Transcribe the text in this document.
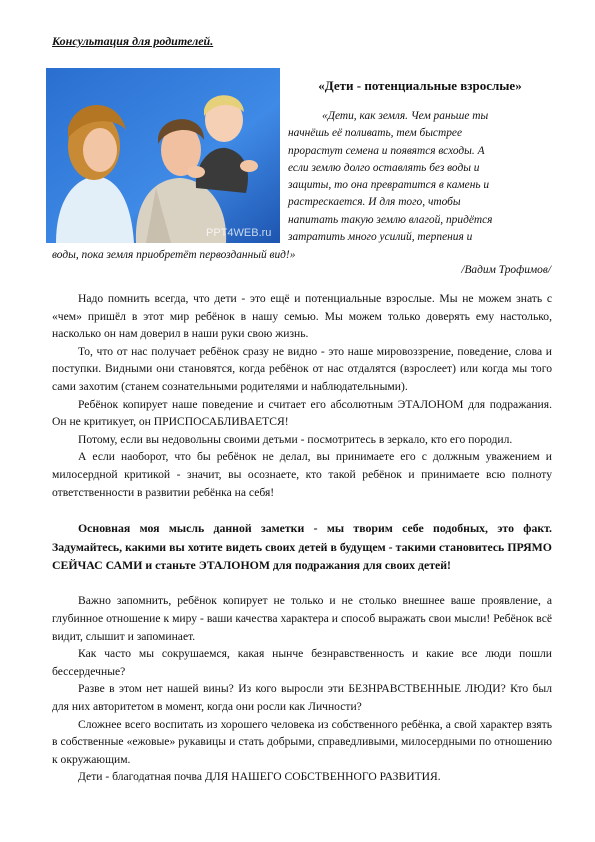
Консультация для родителей.
PPT4WEB.ru
«Дети - потенциальные взрослые»
«Дети, как земля. Чем раньше ты
начнёшь её поливать, тем быстрее
прорастут семена и появятся всходы. А
если землю долго оставлять без воды и
защиты, то она превратится в камень и
растрескается. И для того, чтобы
напитать такую землю влагой, придётся
затратить много усилий, терпения и
воды, пока земля приобретёт первозданный вид!»
/Вадим Трофимов/

Надо помнить всегда, что дети - это ещё и потенциальные взрослые. Мы не можем знать с «чем» пришёл в этот мир ребёнок в нашу семью. Мы можем только доверять ему настолько, насколько он нам доверил в наши руки свою жизнь.

То, что от нас получает ребёнок сразу не видно - это наше мировоззрение, поведение, слова и поступки. Видными они становятся, когда ребёнок от нас отдалятся (взрослеет) или когда мы того сами захотим (станем сознательными родителями и наблюдательными).

Ребёнок копирует наше поведение и считает его абсолютным ЭТАЛОНОМ для подражания. Он не критикует, он ПРИСПОСАБЛИВАЕТСЯ!

Потому, если вы недовольны своими детьми - посмотритесь в зеркало, кто его породил.

А если наоборот, что бы ребёнок не делал, вы принимаете его с должным уважением и милосердной критикой - значит, вы осознаете, кто такой ребёнок и принимаете всю полноту ответственности в развитии ребёнка на себя!

Основная моя мысль данной заметки - мы творим себе подобных, это факт. Задумайтесь, какими вы хотите видеть своих детей в будущем - такими становитесь ПРЯМО СЕЙЧАС САМИ и станьте ЭТАЛОНОМ для подражания для своих детей!

Важно запомнить, ребёнок копирует не только и не столько внешнее ваше проявление, а глубинное отношение к миру - ваши качества характера и способ выражать свои мысли! Ребёнок всё видит, слышит и запоминает.

Как часто мы сокрушаемся, какая нынче безнравственность и какие все люди пошли бессердечные?

Разве в этом нет нашей вины? Из кого выросли эти БЕЗНРАВСТВЕННЫЕ ЛЮДИ? Кто был для них авторитетом в момент, когда они росли как Личности?

Сложнее всего воспитать из хорошего человека из собственного ребёнка, а свой характер взять в собственные «ежовые» рукавицы и стать добрыми, справедливыми, милосердными по отношению к окружающим.

Дети - благодатная почва ДЛЯ НАШЕГО СОБСТВЕННОГО РАЗВИТИЯ.
